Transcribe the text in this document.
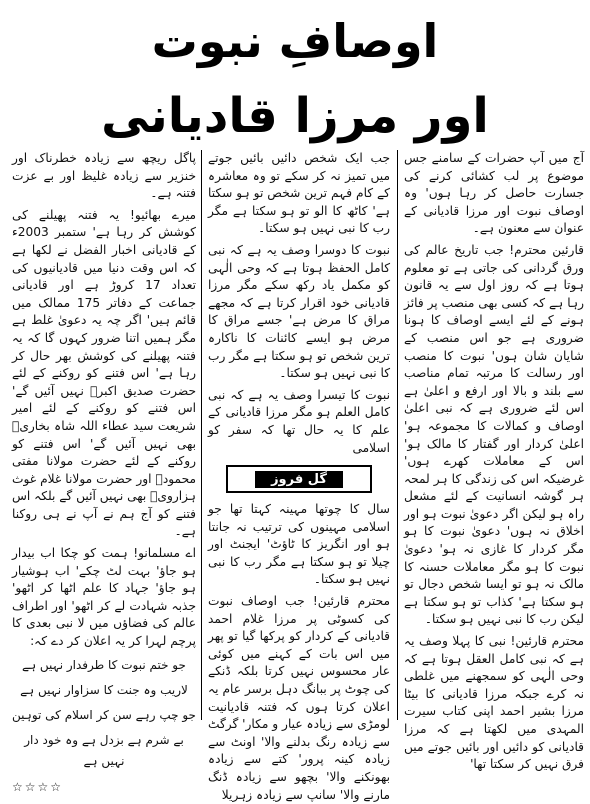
اوصافِ نبوت
اور مرزا قادیانی

آج میں آپ حضرات کے سامنے جس موضوع پر لب کشائی کرنے کی جسارت حاصل کر رہا ہوں' وہ اوصاف نبوت اور مرزا قادیانی کے عنوان سے معنون ہے۔

قارئین محترم! جب تاریخ عالم کی ورق گردانی کی جاتی ہے تو معلوم ہوتا ہے کہ روز اول سے یہ قانون رہا ہے کہ کسی بھی منصب پر فائز ہونے کے لئے ایسے اوصاف کا ہونا ضروری ہے جو اس منصب کے شایان شان ہوں' نبوت کا منصب اور رسالت کا مرتبہ تمام مناصب سے بلند و بالا اور ارفع و اعلیٰ ہے اس لئے ضروری ہے کہ نبی اعلیٰ اوصاف و کمالات کا مجموعہ ہو' اعلیٰ کردار اور گفتار کا مالک ہو' اس کے معاملات کھرے ہوں' غرضیکہ اس کی زندگی کا ہر لمحہ ہر گوشہ انسانیت کے لئے مشعل راہ ہو لیکن اگر دعویٰ نبوت ہو اور اخلاق نہ ہوں' دعویٰ نبوت کا ہو مگر کردار کا غازی نہ ہو' دعویٰ نبوت کا ہو مگر معاملات حسنہ کا مالک نہ ہو تو ایسا شخص دجال تو ہو سکتا ہے' کذاب تو ہو سکتا ہے لیکن رب کا نبی نہیں ہو سکتا۔

محترم قارئین! نبی کا پہلا وصف یہ ہے کہ نبی کامل العقل ہوتا ہے کہ وحی الٰہی کو سمجھنے میں غلطی نہ کرے جبکہ مرزا قادیانی کا بیٹا مرزا بشیر احمد اپنی کتاب سیرت المہدی میں لکھتا ہے کہ مرزا قادیانی کو دائیں اور بائیں جوتے میں فرق نہیں کر سکتا تھا'

جب ایک شخص دائیں بائیں جوتے میں تمیز نہ کر سکے تو وہ معاشرہ کے کام فہم ترین شخص تو ہو سکتا ہے' کاٹھ کا الو تو ہو سکتا ہے مگر رب کا نبی نہیں ہو سکتا۔

نبوت کا دوسرا وصف یہ ہے کہ نبی کامل الحفظ ہوتا ہے کہ وحی الٰہی کو مکمل یاد رکھ سکے مگر مرزا قادیانی خود اقرار کرتا ہے کہ مجھے مراق کا مرض ہے' جسے مراق کا مرض ہو ایسے کائنات کا ناکارہ ترین شخص تو ہو سکتا ہے مگر رب کا نبی نہیں ہو سکتا۔

نبوت کا تیسرا وصف یہ ہے کہ نبی کامل العلم ہو مگر مرزا قادیانی کے علم کا یہ حال تھا کہ سفر کو اسلامی

گل فروز

سال کا چوتھا مہینہ کہتا تھا جو اسلامی مہینوں کی ترتیب نہ جانتا ہو اور انگریز کا ٹاؤٹ' ایجنٹ اور چیلا تو ہو سکتا ہے مگر رب کا نبی نہیں ہو سکتا۔

محترم قارئین! جب اوصاف نبوت کی کسوٹی پر مرزا غلام احمد قادیانی کے کردار کو پرکھا گیا تو پھر میں اس بات کے کہنے میں کوئی عار محسوس نہیں کرتا بلکہ ڈنکے کی چوٹ پر ببانگ دہل برسر عام یہ اعلان کرتا ہوں کہ فتنہ قادیانیت لومڑی سے زیادہ عیار و مکار' گرگٹ سے زیادہ رنگ بدلنے والا' اونٹ سے زیادہ کینہ پرور' کتے سے زیادہ بھونکنے والا' بچھو سے زیادہ ڈنگ مارنے والا' سانپ سے زیادہ زہریلا

پاگل ریچھ سے زیادہ خطرناک اور خنزیر سے زیادہ غلیظ اور بے عزت فتنہ ہے۔

میرے بھائیو! یہ فتنہ پھیلنے کی کوشش کر رہا ہے' ستمبر 2003ء کے قادیانی اخبار الفضل نے لکھا ہے کہ اس وقت دنیا میں قادیانیوں کی تعداد 17 کروڑ ہے اور قادیانی جماعت کے دفاتر 175 ممالک میں قائم ہیں' اگر چہ یہ دعویٰ غلط ہے مگر ہمیں اتنا ضرور کہوں گا کہ یہ فتنہ پھیلنے کی کوشش بھر حال کر رہا ہے' اس فتنے کو روکنے کے لئے حضرت صدیق اکبرؓ نہیں آئیں گے' اس فتنے کو روکنے کے لئے امیر شریعت سید عطاء اللہ شاہ بخاریؒ بھی نہیں آئیں گے' اس فتنے کو روکنے کے لئے حضرت مولانا مفتی محمودؒ اور حضرت مولانا غلام غوث ہزارویؒ بھی نہیں آئیں گے بلکہ اس فتنے کو آج ہم نے آپ نے ہی روکنا ہے۔

اے مسلمانو! ہمت کو چکا اب بیدار ہو جاؤ' بہت لٹ چکے' اب ہوشیار ہو جاؤ' جہاد کا علم اٹھا کر اٹھو' جذبہ شہادت لے کر اٹھو' اور اطراف عالم کی فضاؤں میں لا نبی بعدی کا پرچم لہرا کر یہ اعلان کر دے کہ:

جو ختم نبوت کا طرفدار نہیں ہے
لاریب وہ جنت کا سزاوار نہیں ہے
جو چپ رہے سن کر اسلام کی توہین
بے شرم ہے بزدل ہے وہ خود دار نہیں ہے
☆☆☆☆
